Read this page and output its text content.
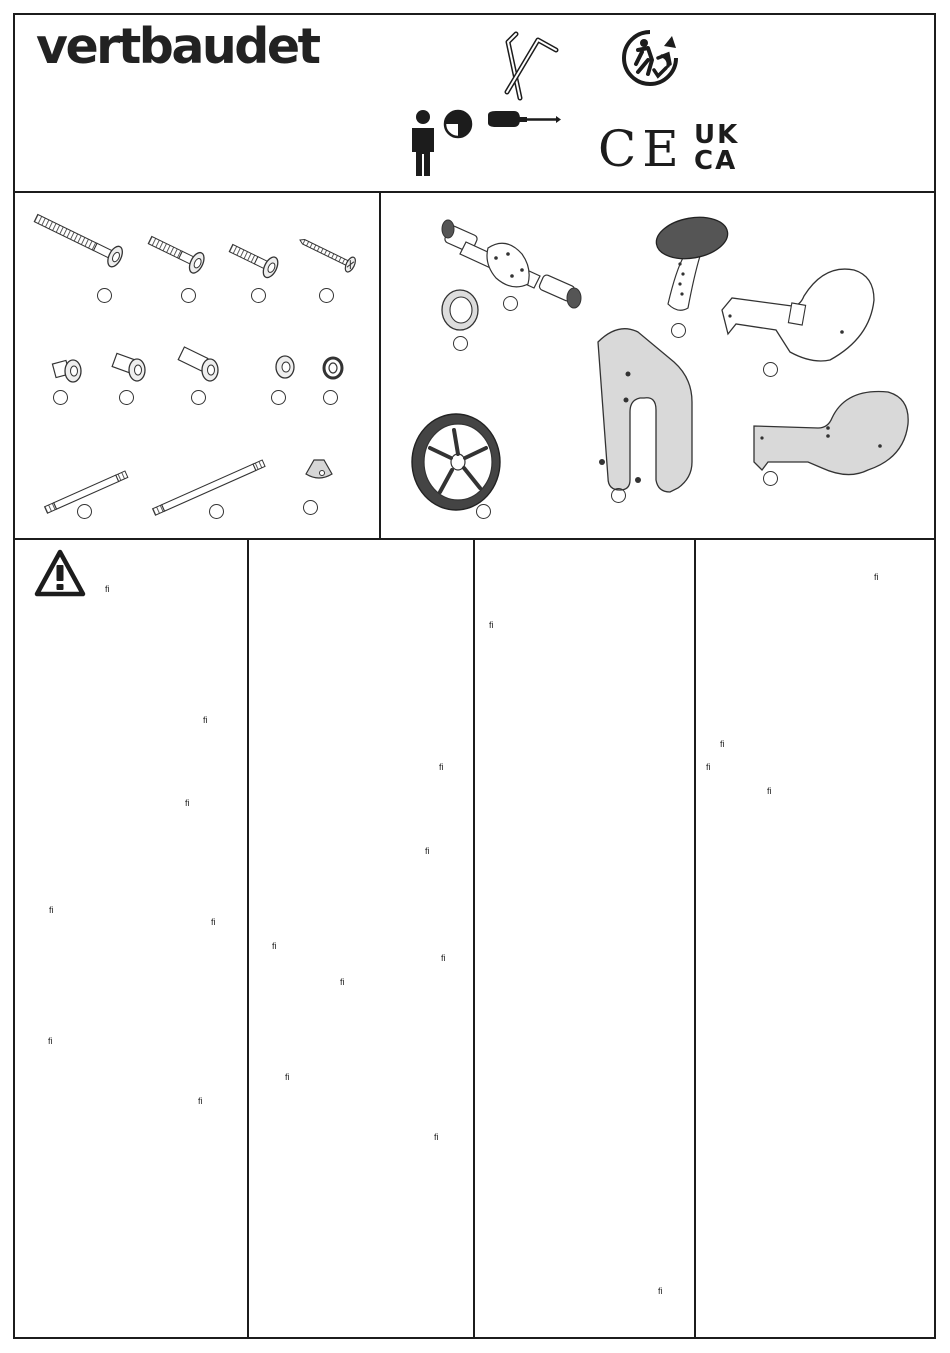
vertbaudet
CE UK
CA
fi
fi
fi
fi
fi
fi
fi
fi
fi
fi
fi
fi
fi
fi
fi
fi
fi
fi
fi
fi
